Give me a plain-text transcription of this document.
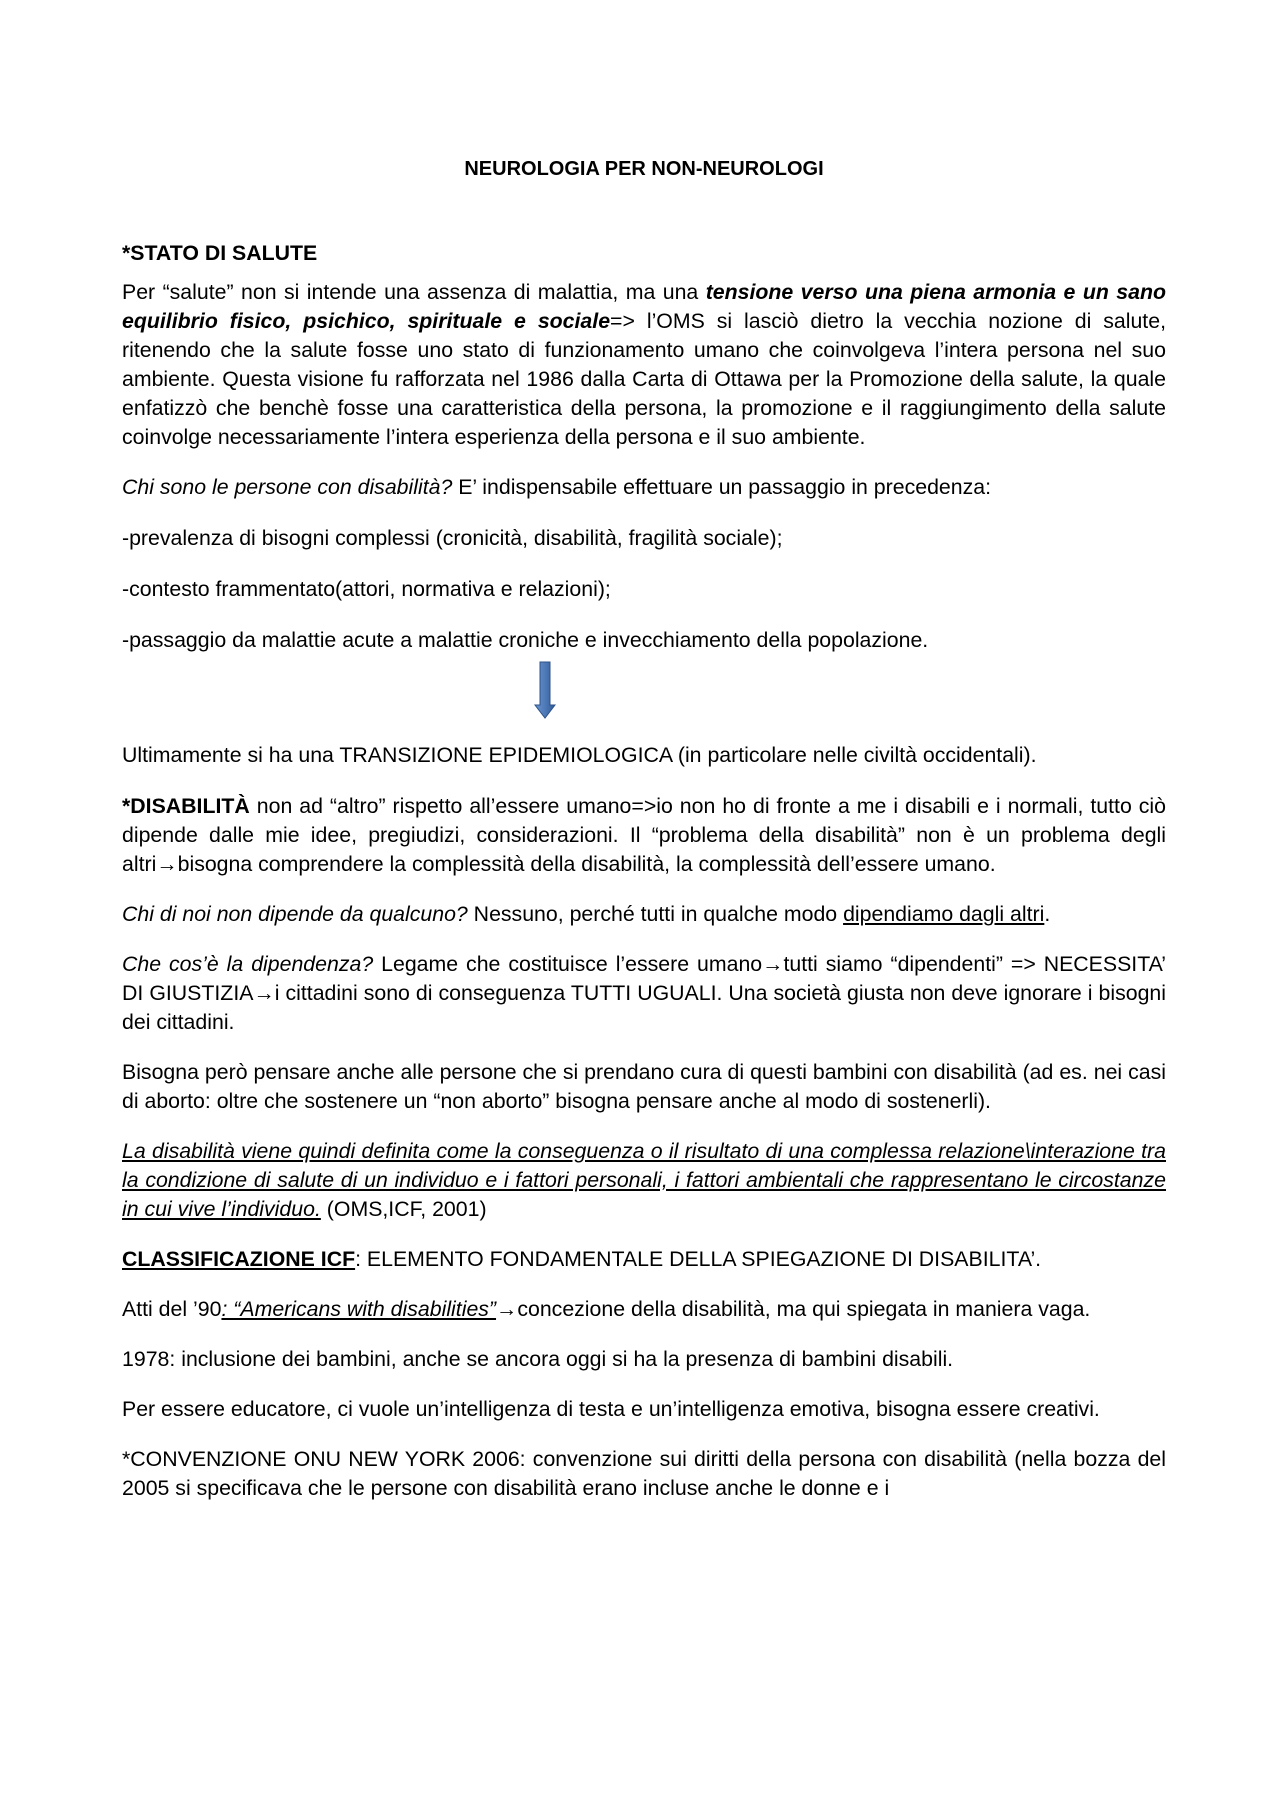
NEUROLOGIA PER NON-NEUROLOGI
*STATO DI SALUTE

Per “salute” non si intende una assenza di malattia, ma una tensione verso una piena armonia e un sano equilibrio fisico, psichico, spirituale e sociale=> l’OMS si lasciò dietro la vecchia nozione di salute, ritenendo che la salute fosse uno stato di funzionamento umano che coinvolgeva l’intera persona nel suo ambiente. Questa visione fu rafforzata nel 1986 dalla Carta di Ottawa per la Promozione della salute, la quale enfatizzò che benchè fosse una caratteristica della persona, la promozione e il raggiungimento della salute coinvolge necessariamente l’intera esperienza della persona e il suo ambiente.

Chi sono le persone con disabilità? E’ indispensabile effettuare un passaggio in precedenza:

-prevalenza di bisogni complessi (cronicità, disabilità, fragilità sociale);

-contesto frammentato(attori, normativa e relazioni);

-passaggio da malattie acute a malattie croniche e invecchiamento della popolazione.

Ultimamente si ha una TRANSIZIONE EPIDEMIOLOGICA (in particolare nelle civiltà occidentali).

*DISABILITÀ non ad “altro” rispetto all’essere umano=>io non ho di fronte a me i disabili e i normali, tutto ciò dipende dalle mie idee, pregiudizi, considerazioni. Il “problema della disabilità” non è un problema degli altri→bisogna comprendere la complessità della disabilità, la complessità dell’essere umano.

Chi di noi non dipende da qualcuno? Nessuno, perché tutti in qualche modo dipendiamo dagli altri.

Che cos’è la dipendenza? Legame che costituisce l’essere umano→tutti siamo “dipendenti” => NECESSITA’ DI GIUSTIZIA→i cittadini sono di conseguenza TUTTI UGUALI. Una società giusta non deve ignorare i bisogni dei cittadini.

Bisogna però pensare anche alle persone che si prendano cura di questi bambini con disabilità (ad es. nei casi di aborto: oltre che sostenere un “non aborto” bisogna pensare anche al modo di sostenerli).

La disabilità viene quindi definita come la conseguenza o il risultato di una complessa relazione\interazione tra la condizione di salute di un individuo e i fattori personali, i fattori ambientali che rappresentano le circostanze in cui vive l’individuo. (OMS,ICF, 2001)

CLASSIFICAZIONE ICF: ELEMENTO FONDAMENTALE DELLA SPIEGAZIONE DI DISABILITA’.

Atti del ’90: “Americans with disabilities”→concezione della disabilità, ma qui spiegata in maniera vaga.

1978: inclusione dei bambini, anche se ancora oggi si ha la presenza di bambini disabili.

Per essere educatore, ci vuole un’intelligenza di testa e un’intelligenza emotiva, bisogna essere creativi.

*CONVENZIONE ONU NEW YORK 2006: convenzione sui diritti della persona con disabilità (nella bozza del 2005 si specificava che le persone con disabilità erano incluse anche le donne e i
